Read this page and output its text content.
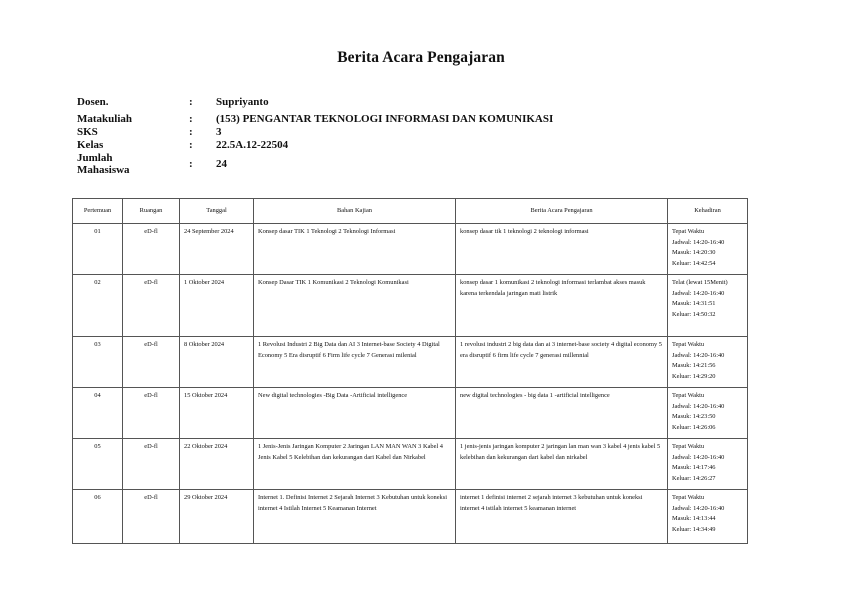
Berita Acara Pengajaran
Dosen.	:	Supriyanto
Matakuliah	:	(153) PENGANTAR TEKNOLOGI INFORMASI DAN KOMUNIKASI
SKS	:	3
Kelas	:	22.5A.12-22504
Jumlah
Mahasiswa	:	24
Pertemuan	Ruangan	Tanggal	Bahan Kajian	Berita Acara Pengajaran	Kehadiran
01	eD-fl	24 September 2024	Konsep dasar TIK 1 Teknologi 2 Teknologi Informasi	konsep dasar tik 1 teknologi 2 teknologi informasi	Tepat Waktu
Jadwal: 14:20-16:40
Masuk: 14:20:30
Keluar: 14:42:54

02	eD-fl	1 Oktober 2024	Konsep Dasar TIK 1 Komunikasi 2 Teknologi Komunikasi	konsep dasar 1 komunikasi 2 teknologi informasi terlambat akses masuk karena terkendala jaringan mati listrik	Telat (lewat 15Menit)
Jadwal: 14:20-16:40
Masuk: 14:31:51
Keluar: 14:50:32

03	eD-fl	8 Oktober 2024	1 Revolusi Industri 2 Big Data dan AI 3 Internet-base Society 4 Digital Economy 5 Era disruptif 6 Firm life cycle 7 Generasi milenial	1 revolusi industri 2 big data dan ai 3 internet-base society 4 digital economy 5 era disruptif 6 firm life cycle 7 generasi millennial	Tepat Waktu
Jadwal: 14:20-16:40
Masuk: 14:21:56
Keluar: 14:29:20

04	eD-fl	15 Oktober 2024	New digital technologies -Big Data -Artificial intelligence	new digital technologies - big data 1 -artificial intelligence	Tepat Waktu
Jadwal: 14:20-16:40
Masuk: 14:23:50
Keluar: 14:26:06

05	eD-fl	22 Oktober 2024	1 Jenis-Jenis Jaringan Komputer 2 Jaringan LAN MAN WAN 3 Kabel 4 Jenis Kabel 5 Kelebihan dan kekurangan dari Kabel dan Nirkabel	1 jenis-jenis jaringan komputer 2 jaringan lan man wan 3 kabel 4 jenis kabel 5 kelebihan dan kekurangan dari kabel dan nirkabel	Tepat Waktu
Jadwal: 14:20-16:40
Masuk: 14:17:46
Keluar: 14:26:27

06	eD-fl	29 Oktober 2024	Internet 1. Definisi Internet 2 Sejarah Internet 3 Kebutuhan untuk koneksi internet 4 Istilah Internet 5 Keamanan Internet	internet 1 definisi internet 2 sejarah internet 3 kebutuhan untuk koneksi internet 4 istilah internet 5 keamanan internet	Tepat Waktu
Jadwal: 14:20-16:40
Masuk: 14:13:44
Keluar: 14:34:49
